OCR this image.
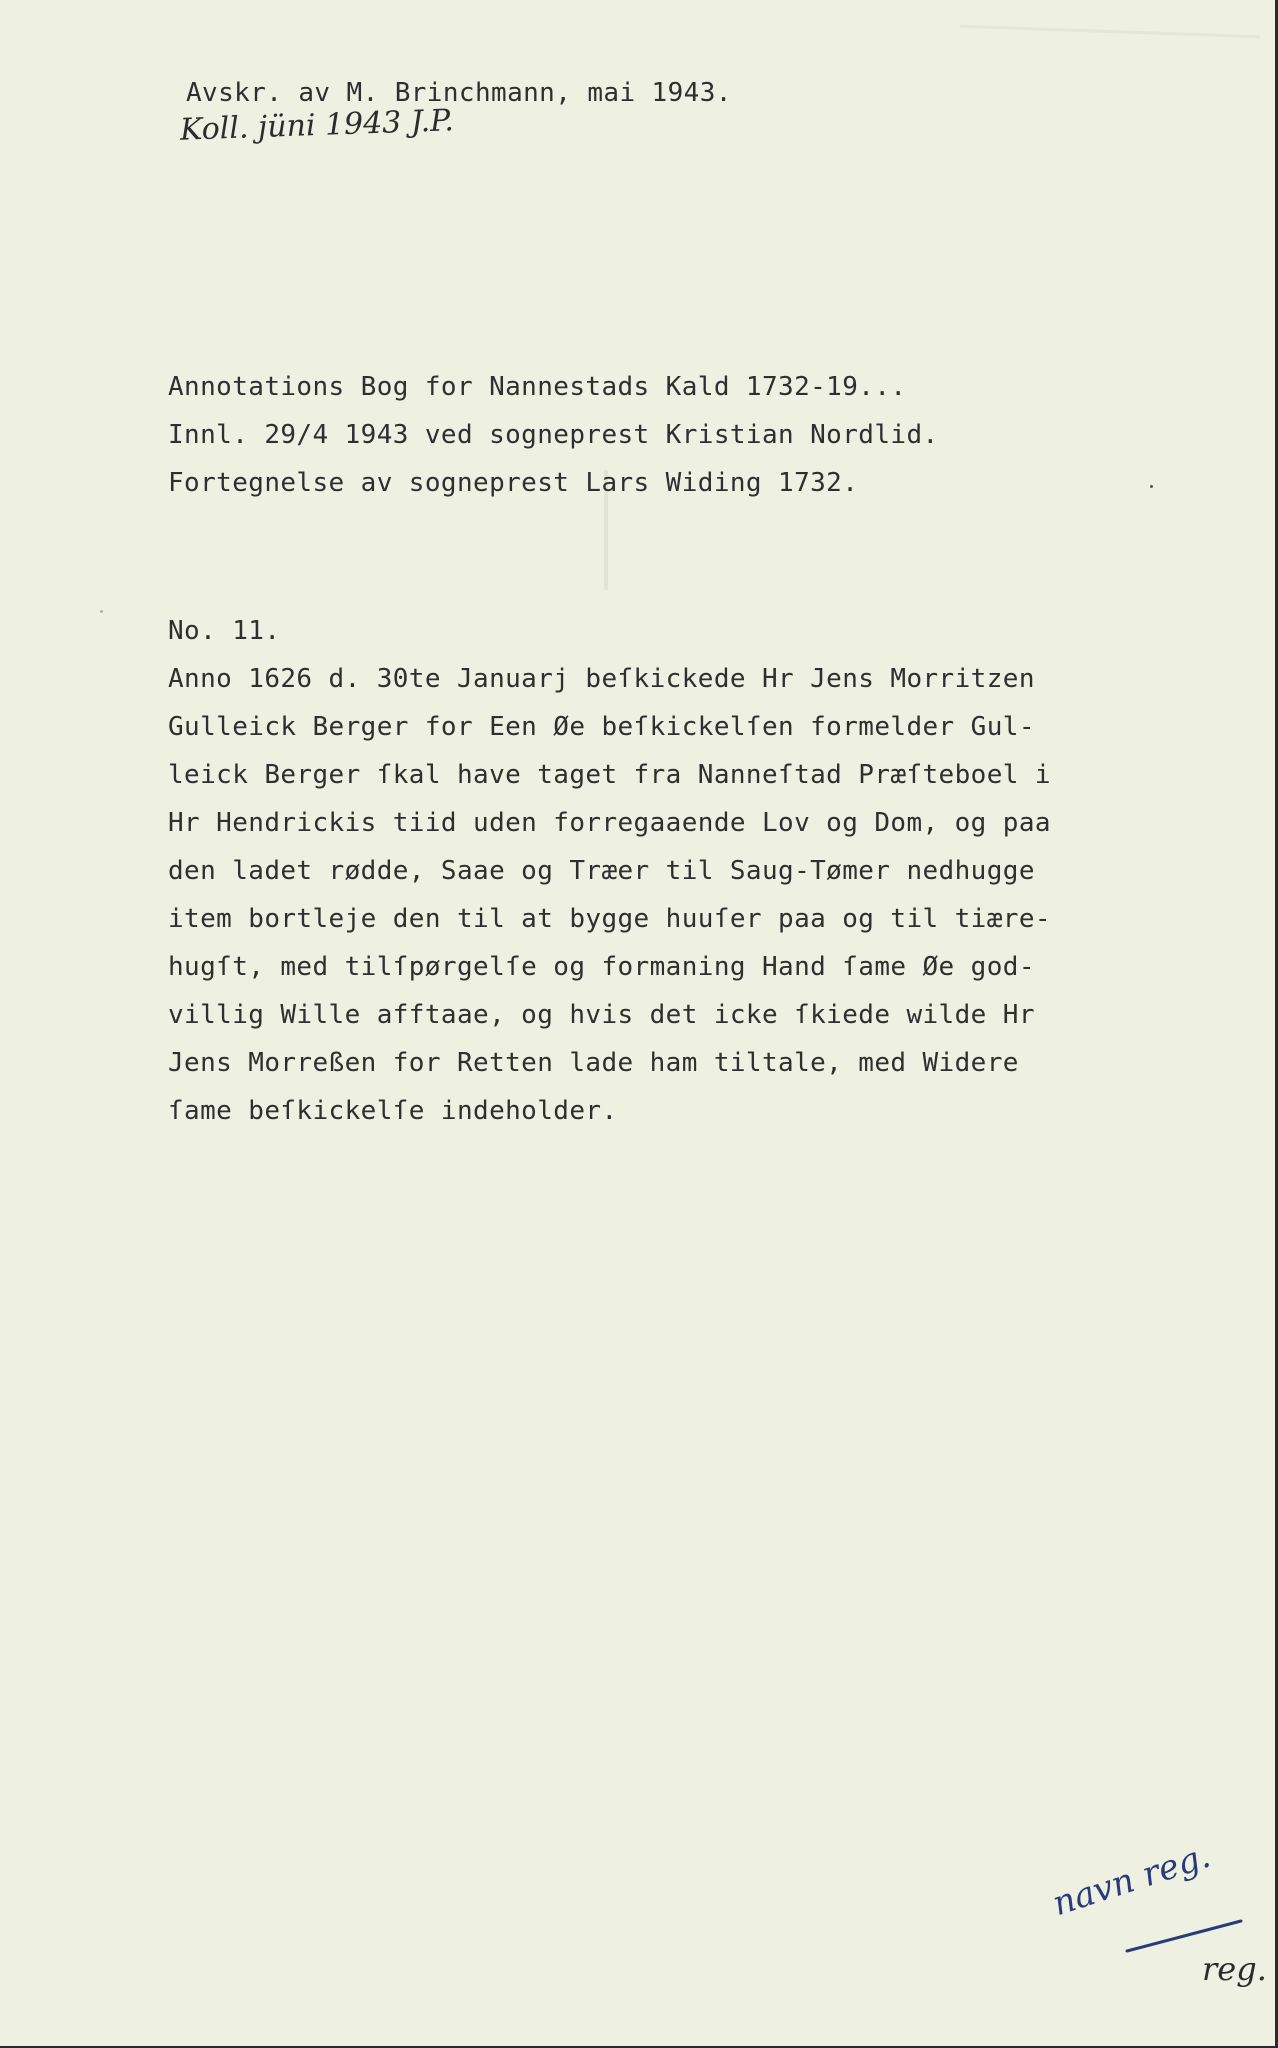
Avskr. av M. Brinchmann, mai 1943.
Koll. jüni 1943 J.P.
Annotations Bog for Nannestads Kald 1732-19...
Innl. 29/4 1943 ved sogneprest Kristian Nordlid.
Fortegnelse av sogneprest Lars Widing 1732.
No. 11.
Anno 1626 d. 30te Januarj beſkickede Hr Jens Morritzen
Gulleick Berger for Een Øe beſkickelſen formelder Gul-
leick Berger ſkal have taget fra Nanneſtad Præſteboel i
Hr Hendrickis tiid uden forregaaende Lov og Dom, og paa
den ladet rødde, Saae og Træer til Saug-Tømer nedhugge
item bortleje den til at bygge huuſer paa og til tiære-
hugſt, med tilſpørgelſe og formaning Hand ſame Øe god-
villig Wille afftaae, og hvis det icke ſkiede wilde Hr
Jens Morreßen for Retten lade ham tiltale, med Widere
ſame beſkickelſe indeholder.
navn reg.
reg.
